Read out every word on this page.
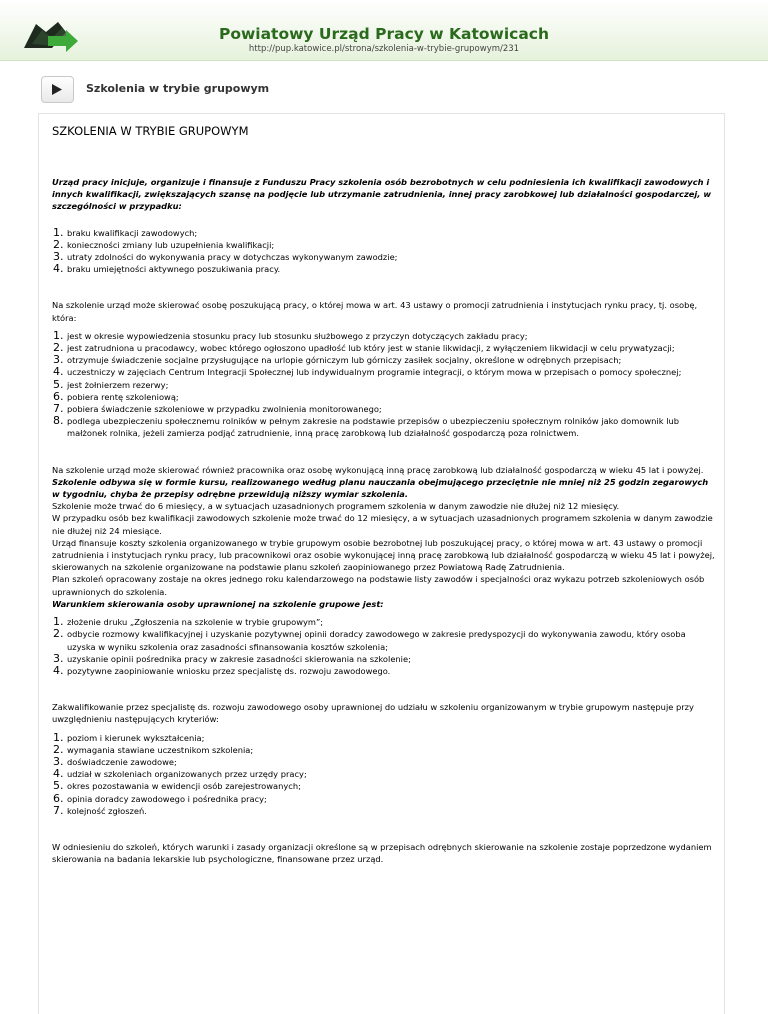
Powiatowy Urząd Pracy w Katowicach
http://pup.katowice.pl/strona/szkolenia-w-trybie-grupowym/231
Szkolenia w trybie grupowym
SZKOLENIA W TRYBIE GRUPOWYM

Urząd pracy inicjuje, organizuje i finansuje z Funduszu Pracy szkolenia osób bezrobotnych w celu podniesienia ich kwalifikacji zawodowych i innych kwalifikacji, zwiększających szansę na podjęcie lub utrzymanie zatrudnienia, innej pracy zarobkowej lub działalności gospodarczej, w szczególności w przypadku:

1. braku kwalifikacji zawodowych;
2. konieczności zmiany lub uzupełnienia kwalifikacji;
3. utraty zdolności do wykonywania pracy w dotychczas wykonywanym zawodzie;
4. braku umiejętności aktywnego poszukiwania pracy.

Na szkolenie urząd może skierować osobę poszukującą pracy, o której mowa w art. 43 ustawy o promocji zatrudnienia i instytucjach rynku pracy, tj. osobę, która:

1. jest w okresie wypowiedzenia stosunku pracy lub stosunku służbowego z przyczyn dotyczących zakładu pracy;
2. jest zatrudniona u pracodawcy, wobec którego ogłoszono upadłość lub który jest w stanie likwidacji, z wyłączeniem likwidacji w celu prywatyzacji;
3. otrzymuje świadczenie socjalne przysługujące na urlopie górniczym lub górniczy zasiłek socjalny, określone w odrębnych przepisach;
4. uczestniczy w zajęciach Centrum Integracji Społecznej lub indywidualnym programie integracji, o którym mowa w przepisach o pomocy społecznej;
5. jest żołnierzem rezerwy;
6. pobiera rentę szkoleniową;
7. pobiera świadczenie szkoleniowe w przypadku zwolnienia monitorowanego;
8. podlega ubezpieczeniu społecznemu rolników w pełnym zakresie na podstawie przepisów o ubezpieczeniu społecznym rolników jako domownik lub małżonek rolnika, jeżeli zamierza podjąć zatrudnienie, inną pracę zarobkową lub działalność gospodarczą poza rolnictwem.

Na szkolenie urząd może skierować również pracownika oraz osobę wykonującą inną pracę zarobkową lub działalność gospodarczą w wieku 45 lat i powyżej.

Szkolenie odbywa się w formie kursu, realizowanego według planu nauczania obejmującego przeciętnie nie mniej niż 25 godzin zegarowych w tygodniu, chyba że przepisy odrębne przewidują niższy wymiar szkolenia.

Szkolenie może trwać do 6 miesięcy, a w sytuacjach uzasadnionych programem szkolenia w danym zawodzie nie dłużej niż 12 miesięcy.

W przypadku osób bez kwalifikacji zawodowych szkolenie może trwać do 12 miesięcy, a w sytuacjach uzasadnionych programem szkolenia w danym zawodzie nie dłużej niż 24 miesiące.

Urząd finansuje koszty szkolenia organizowanego w trybie grupowym osobie bezrobotnej lub poszukującej pracy, o której mowa w art. 43 ustawy o promocji zatrudnienia i instytucjach rynku pracy, lub pracownikowi oraz osobie wykonującej inną pracę zarobkową lub działalność gospodarczą w wieku 45 lat i powyżej, skierowanych na szkolenie organizowane na podstawie planu szkoleń zaopiniowanego przez Powiatową Radę Zatrudnienia.

Plan szkoleń opracowany zostaje na okres jednego roku kalendarzowego na podstawie listy zawodów i specjalności oraz wykazu potrzeb szkoleniowych osób uprawnionych do szkolenia.

Warunkiem skierowania osoby uprawnionej na szkolenie grupowe jest:

1. złożenie druku „Zgłoszenia na szkolenie w trybie grupowym”;
2. odbycie rozmowy kwalifikacyjnej i uzyskanie pozytywnej opinii doradcy zawodowego w zakresie predyspozycji do wykonywania zawodu, który osoba uzyska w wyniku szkolenia oraz zasadności sfinansowania kosztów szkolenia;
3. uzyskanie opinii pośrednika pracy w zakresie zasadności skierowania na szkolenie;
4. pozytywne zaopiniowanie wniosku przez specjalistę ds. rozwoju zawodowego.

Zakwalifikowanie przez specjalistę ds. rozwoju zawodowego osoby uprawnionej do udziału w szkoleniu organizowanym w trybie grupowym następuje przy uwzględnieniu następujących kryteriów:

1. poziom i kierunek wykształcenia;
2. wymagania stawiane uczestnikom szkolenia;
3. doświadczenie zawodowe;
4. udział w szkoleniach organizowanych przez urzędy pracy;
5. okres pozostawania w ewidencji osób zarejestrowanych;
6. opinia doradcy zawodowego i pośrednika pracy;
7. kolejność zgłoszeń.

W odniesieniu do szkoleń, których warunki i zasady organizacji określone są w przepisach odrębnych skierowanie na szkolenie zostaje poprzedzone wydaniem skierowania na badania lekarskie lub psychologiczne, finansowane przez urząd.
